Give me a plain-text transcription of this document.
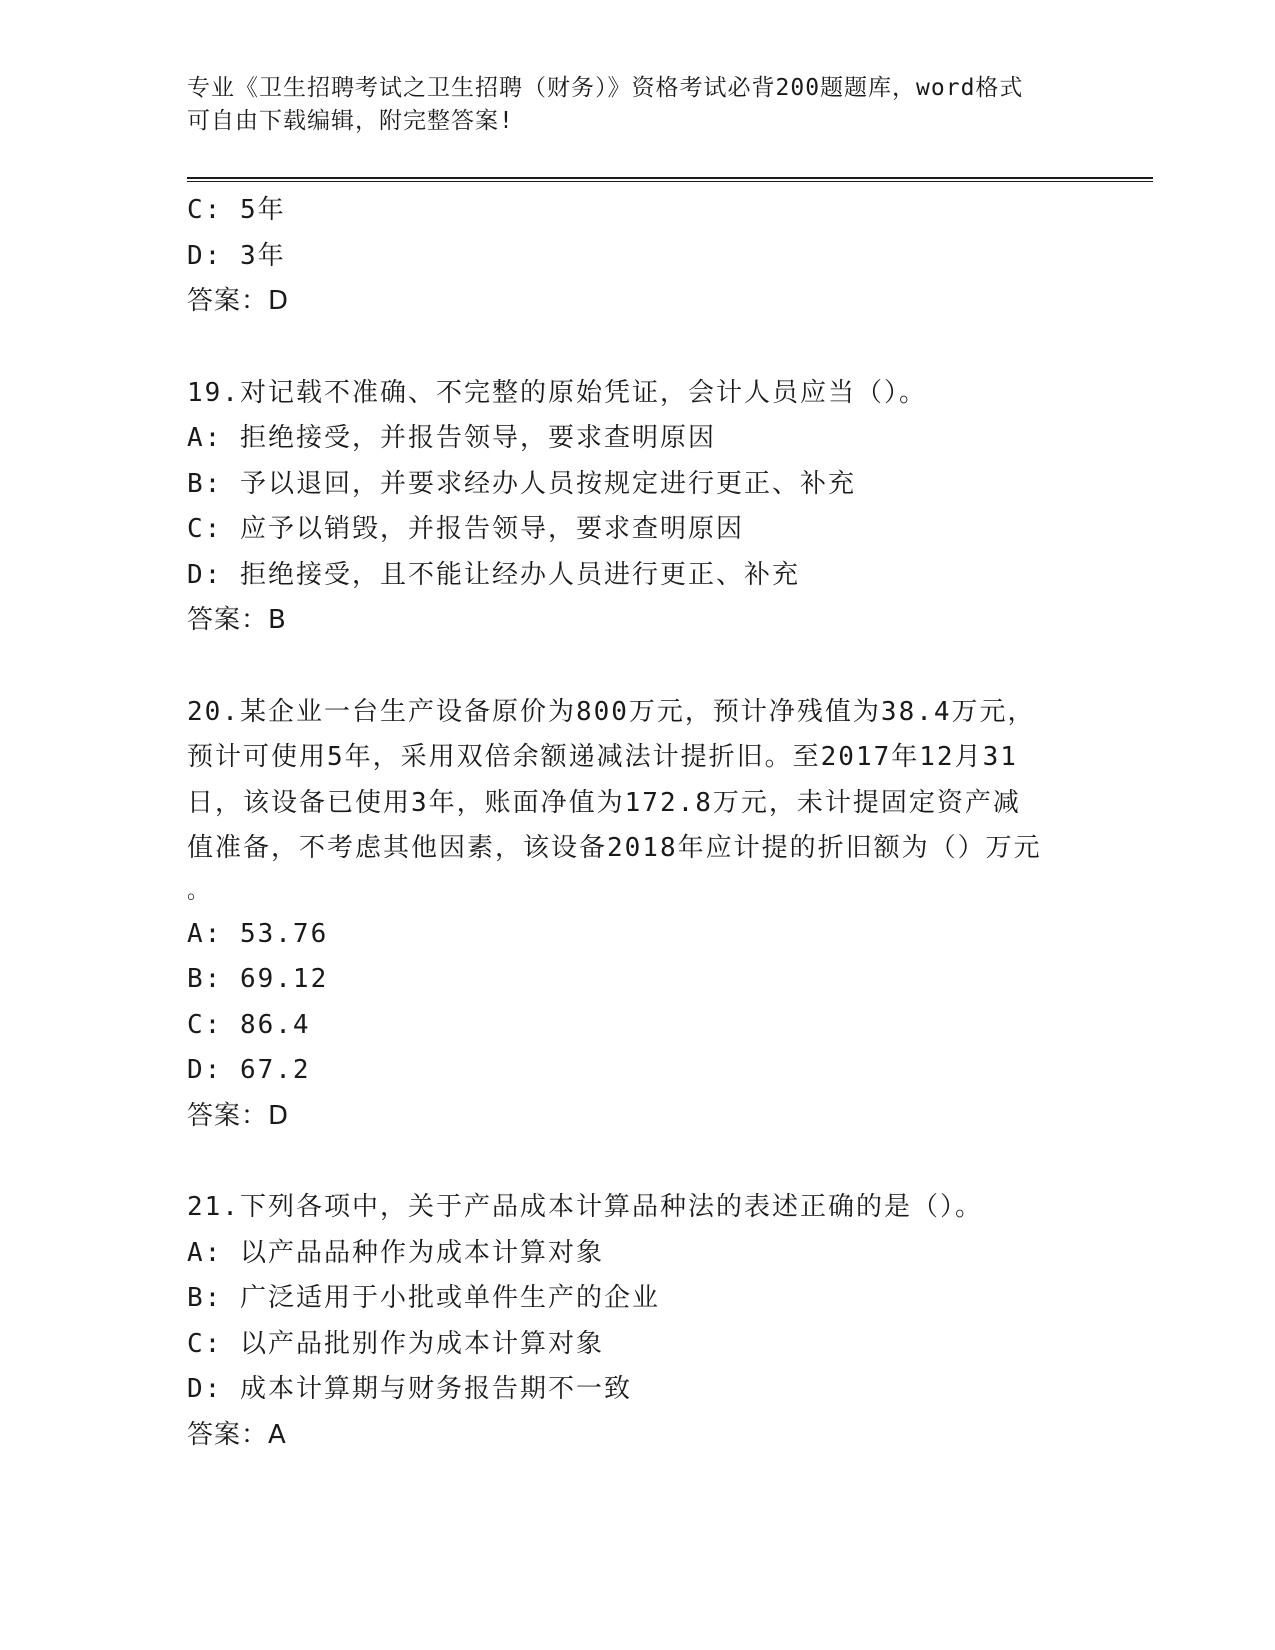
专业《卫生招聘考试之卫生招聘（财务）》资格考试必背200题题库，word格式
可自由下载编辑，附完整答案!
C: 5年
D: 3年
答案：D
19.对记载不准确、不完整的原始凭证，会计人员应当（）。
A: 拒绝接受，并报告领导，要求查明原因
B: 予以退回，并要求经办人员按规定进行更正、补充
C: 应予以销毁，并报告领导，要求查明原因
D: 拒绝接受，且不能让经办人员进行更正、补充
答案：B
20.某企业一台生产设备原价为800万元，预计净残值为38.4万元，
预计可使用5年，采用双倍余额递减法计提折旧。至2017年12月31
日，该设备已使用3年，账面净值为172.8万元，未计提固定资产减
值准备，不考虑其他因素，该设备2018年应计提的折旧额为（）万元
。
A: 53.76
B: 69.12
C: 86.4
D: 67.2
答案：D
21.下列各项中，关于产品成本计算品种法的表述正确的是（）。
A: 以产品品种作为成本计算对象
B: 广泛适用于小批或单件生产的企业
C: 以产品批别作为成本计算对象
D: 成本计算期与财务报告期不一致
答案：A
